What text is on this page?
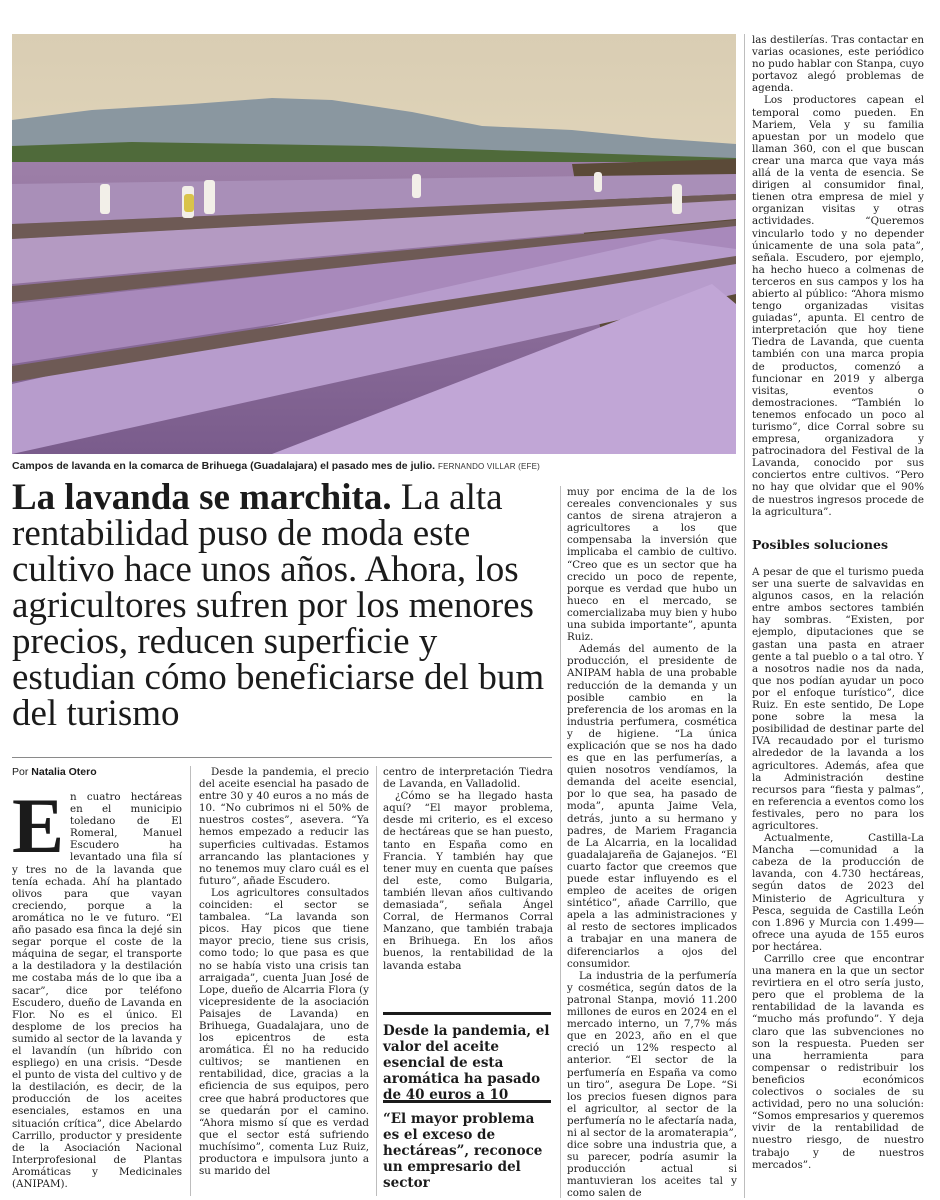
Campos de lavanda en la comarca de Brihuega (Guadalajara) el pasado mes de julio. FERNANDO VILLAR (EFE)
La lavanda se marchita. La alta rentabilidad puso de moda este cultivo hace unos años. Ahora, los agricultores sufren por los menores precios, reducen superficie y estudian cómo beneficiarse del bum del turismo
Por Natalia Otero
E n cuatro hectáreas en el municipio toledano de El Romeral, Manuel Escudero ha levantado una fila sí y tres no de la lavanda que tenía echada. Ahí ha plantado olivos para que vayan creciendo, porque a la aromática no le ve futuro. “El año pasado esa finca la dejé sin segar porque el coste de la máquina de segar, el transporte a la destiladora y la destilación me costaba más de lo que iba a sacar”, dice por teléfono Escudero, dueño de Lavanda en Flor. No es el único. El desplome de los precios ha sumido al sector de la lavanda y el lavandín (un híbrido con espliego) en una crisis. “Desde el punto de vista del cultivo y de la destilación, es decir, de la producción de los aceites esenciales, estamos en una situación crítica”, dice Abelardo Carrillo, productor y presidente de la Asociación Nacional Interprofesional de Plantas Aromáticas y Medicinales (ANIPAM).

Desde la pandemia, el precio del aceite esencial ha pasado de entre 30 y 40 euros a no más de 10. “No cubrimos ni el 50% de nuestros costes”, asevera. “Ya hemos empezado a reducir las superficies cultivadas. Estamos arrancando las plantaciones y no tenemos muy claro cuál es el futuro”, añade Escudero.

Los agricultores consultados coinciden: el sector se tambalea. “La lavanda son picos. Hay picos que tiene mayor precio, tiene sus crisis, como todo; lo que pasa es que no se había visto una crisis tan arraigada”, cuenta Juan José de Lope, dueño de Alcarria Flora (y vicepresidente de la asociación Paisajes de Lavanda) en Brihuega, Guadalajara, uno de los epicentros de esta aromática. Él no ha reducido cultivos; se mantienen en rentabilidad, dice, gracias a la eficiencia de sus equipos, pero cree que habrá productores que se quedarán por el camino. “Ahora mismo sí que es verdad que el sector está sufriendo muchísimo”, comenta Luz Ruiz, productora e impulsora junto a su marido del

centro de interpretación Tiedra de Lavanda, en Valladolid.

¿Cómo se ha llegado hasta aquí? “El mayor problema, desde mi criterio, es el exceso de hectáreas que se han puesto, tanto en España como en Francia. Y también hay que tener muy en cuenta que países del este, como Bulgaria, también llevan años cultivando demasiada”, señala Ángel Corral, de Hermanos Corral Manzano, que también trabaja en Brihuega. En los años buenos, la rentabilidad de la lavanda estaba

Desde la pandemia, el valor del aceite esencial de esta aromática ha pasado de 40 euros a 10
“El mayor problema es el exceso de hectáreas”, reconoce un empresario del sector

muy por encima de la de los cereales convencionales y sus cantos de sirena atrajeron a agricultores a los que compensaba la inversión que implicaba el cambio de cultivo. “Creo que es un sector que ha crecido un poco de repente, porque es verdad que hubo un hueco en el mercado, se comercializaba muy bien y hubo una subida importante”, apunta Ruiz.

Además del aumento de la producción, el presidente de ANIPAM habla de una probable reducción de la demanda y un posible cambio en la preferencia de los aromas en la industria perfumera, cosmética y de higiene. “La única explicación que se nos ha dado es que en las perfumerías, a quien nosotros vendíamos, la demanda del aceite esencial, por lo que sea, ha pasado de moda”, apunta Jaime Vela, detrás, junto a su hermano y padres, de Mariem Fragancia de La Alcarria, en la localidad guadalajareña de Gajanejos. “El cuarto factor que creemos que puede estar influyendo es el empleo de aceites de origen sintético”, añade Carrillo, que apela a las administraciones y al resto de sectores implicados a trabajar en una manera de diferenciarlos a ojos del consumidor.

La industria de la perfumería y cosmética, según datos de la patronal Stanpa, movió 11.200 millones de euros en 2024 en el mercado interno, un 7,7% más que en 2023, año en el que creció un 12% respecto al anterior. “El sector de la perfumería en España va como un tiro”, asegura De Lope. “Si los precios fuesen dignos para el agricultor, al sector de la perfumería no le afectaría nada, ni al sector de la aromaterapia”, dice sobre una industria que, a su parecer, podría asumir la producción actual si mantuvieran los aceites tal y como salen de

las destilerías. Tras contactar en varias ocasiones, este periódico no pudo hablar con Stanpa, cuyo portavoz alegó problemas de agenda.

Los productores capean el temporal como pueden. En Mariem, Vela y su familia apuestan por un modelo que llaman 360, con el que buscan crear una marca que vaya más allá de la venta de esencia. Se dirigen al consumidor final, tienen otra empresa de miel y organizan visitas y otras actividades. “Queremos vincularlo todo y no depender únicamente de una sola pata”, señala. Escudero, por ejemplo, ha hecho hueco a colmenas de terceros en sus campos y los ha abierto al público: “Ahora mismo tengo organizadas visitas guiadas”, apunta. El centro de interpretación que hoy tiene Tiedra de Lavanda, que cuenta también con una marca propia de productos, comenzó a funcionar en 2019 y alberga visitas, eventos o demostraciones. “También lo tenemos enfocado un poco al turismo”, dice Corral sobre su empresa, organizadora y patrocinadora del Festival de la Lavanda, conocido por sus conciertos entre cultivos. “Pero no hay que olvidar que el 90% de nuestros ingresos procede de la agricultura”.

Posibles soluciones

A pesar de que el turismo pueda ser una suerte de salvavidas en algunos casos, en la relación entre ambos sectores también hay sombras. “Existen, por ejemplo, diputaciones que se gastan una pasta en atraer gente a tal pueblo o a tal otro. Y a nosotros nadie nos da nada, que nos podían ayudar un poco por el enfoque turístico”, dice Ruiz. En este sentido, De Lope pone sobre la mesa la posibilidad de destinar parte del IVA recaudado por el turismo alrededor de la lavanda a los agricultores. Además, afea que la Administración destine recursos para “fiesta y palmas”, en referencia a eventos como los festivales, pero no para los agricultores.

Actualmente, Castilla-La Mancha —comunidad a la cabeza de la producción de lavanda, con 4.730 hectáreas, según datos de 2023 del Ministerio de Agricultura y Pesca, seguida de Castilla León con 1.896 y Murcia con 1.499— ofrece una ayuda de 155 euros por hectárea.

Carrillo cree que encontrar una manera en la que un sector revirtiera en el otro sería justo, pero que el problema de la rentabilidad de la lavanda es “mucho más profundo”. Y deja claro que las subvenciones no son la respuesta. Pueden ser una herramienta para compensar o redistribuir los beneficios económicos colectivos o sociales de su actividad, pero no una solución: “Somos empresarios y queremos vivir de la rentabilidad de nuestro riesgo, de nuestro trabajo y de nuestros mercados”.
